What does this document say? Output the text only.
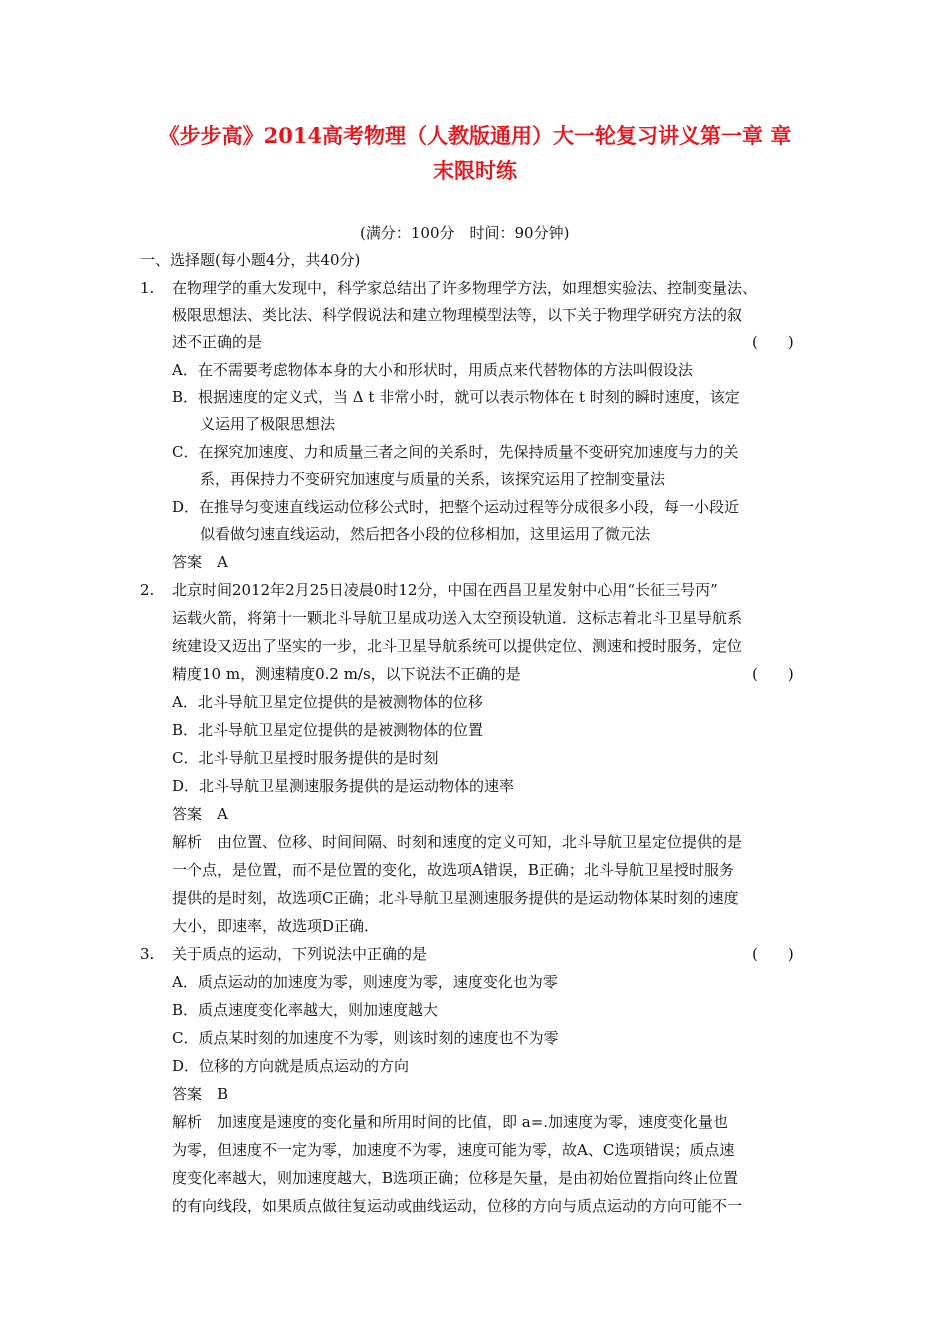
《步步高》2014高考物理（人教版通用）大一轮复习讲义第一章 章
末限时练
(满分：100分　时间：90分钟)
一、选择题(每小题4分，共40分)
1. 在物理学的重大发现中，科学家总结出了许多物理学方法，如理想实验法、控制变量法、
极限思想法、类比法、科学假说法和建立物理模型法等，以下关于物理学研究方法的叙
述不正确的是	(　　)
A．在不需要考虑物体本身的大小和形状时，用质点来代替物体的方法叫假设法
B．根据速度的定义式，当 Δ t 非常小时，就可以表示物体在 t 时刻的瞬时速度，该定
义运用了极限思想法
C．在探究加速度、力和质量三者之间的关系时，先保持质量不变研究加速度与力的关
系，再保持力不变研究加速度与质量的关系，该探究运用了控制变量法
D．在推导匀变速直线运动位移公式时，把整个运动过程等分成很多小段，每一小段近
似看做匀速直线运动，然后把各小段的位移相加，这里运用了微元法
答案　A
2. 北京时间2012年2月25日凌晨0时12分，中国在西昌卫星发射中心用“长征三号丙”
运载火箭，将第十一颗北斗导航卫星成功送入太空预设轨道．这标志着北斗卫星导航系
统建设又迈出了坚实的一步，北斗卫星导航系统可以提供定位、测速和授时服务，定位
精度10 m，测速精度0.2 m/s，以下说法不正确的是	(　　)
A．北斗导航卫星定位提供的是被测物体的位移
B．北斗导航卫星定位提供的是被测物体的位置
C．北斗导航卫星授时服务提供的是时刻
D．北斗导航卫星测速服务提供的是运动物体的速率
答案　A
解析　由位置、位移、时间间隔、时刻和速度的定义可知，北斗导航卫星定位提供的是
一个点，是位置，而不是位置的变化，故选项A错误，B正确；北斗导航卫星授时服务
提供的是时刻，故选项C正确；北斗导航卫星测速服务提供的是运动物体某时刻的速度
大小，即速率，故选项D正确．
3. 关于质点的运动，下列说法中正确的是	(　　)
A．质点运动的加速度为零，则速度为零，速度变化也为零
B．质点速度变化率越大，则加速度越大
C．质点某时刻的加速度不为零，则该时刻的速度也不为零
D．位移的方向就是质点运动的方向
答案　B
解析　加速度是速度的变化量和所用时间的比值，即 a=.加速度为零，速度变化量也
为零，但速度不一定为零，加速度不为零，速度可能为零，故A、C选项错误；质点速
度变化率越大，则加速度越大，B选项正确；位移是矢量，是由初始位置指向终止位置
的有向线段，如果质点做往复运动或曲线运动，位移的方向与质点运动的方向可能不一
